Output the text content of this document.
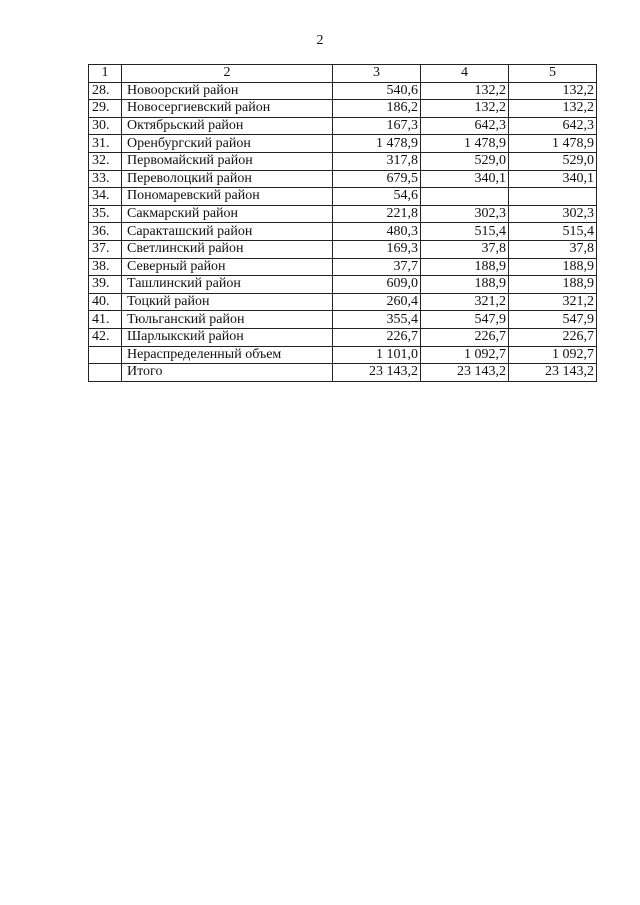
2
1	2	3	4	5
28.	Новоорский район	540,6	132,2	132,2
29.	Новосергиевский район	186,2	132,2	132,2
30.	Октябрьский район	167,3	642,3	642,3
31.	Оренбургский район	1 478,9	1 478,9	1 478,9
32.	Первомайский район	317,8	529,0	529,0
33.	Переволоцкий район	679,5	340,1	340,1
34.	Пономаревский район	54,6		
35.	Сакмарский район	221,8	302,3	302,3
36.	Саракташский район	480,3	515,4	515,4
37.	Светлинский район	169,3	37,8	37,8
38.	Северный район	37,7	188,9	188,9
39.	Ташлинский район	609,0	188,9	188,9
40.	Тоцкий район	260,4	321,2	321,2
41.	Тюльганский район	355,4	547,9	547,9
42.	Шарлыкский район	226,7	226,7	226,7
	Нераспределенный объем	1 101,0	1 092,7	1 092,7
	Итого	23 143,2	23 143,2	23 143,2
